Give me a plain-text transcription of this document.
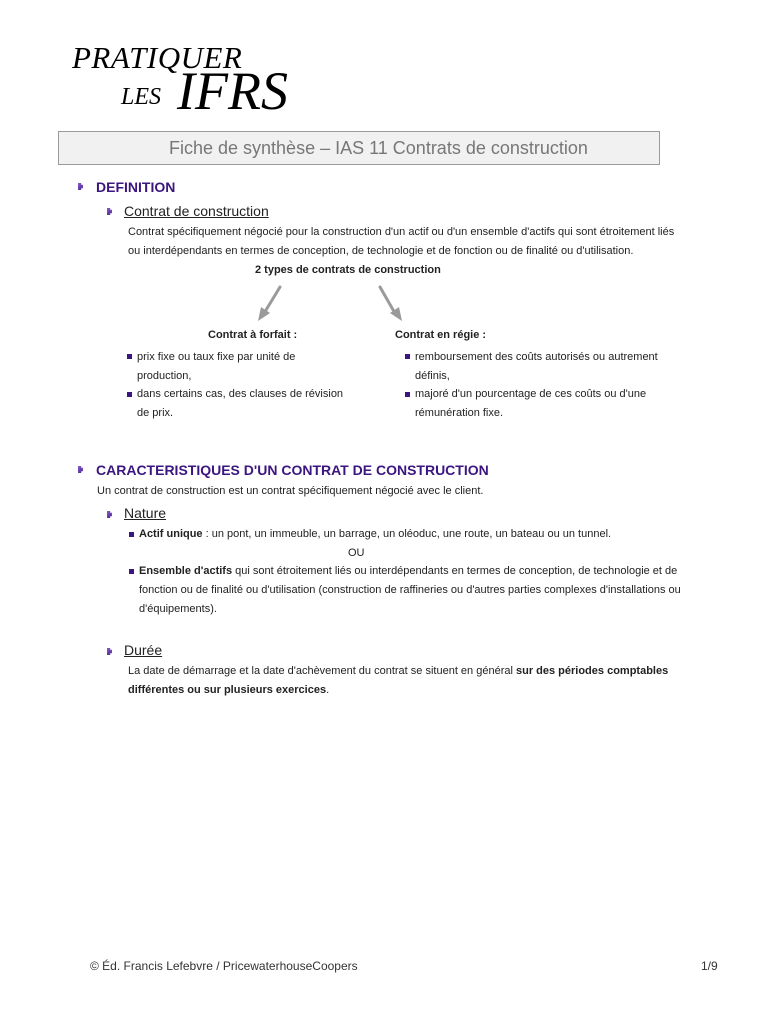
PRATIQUER
LES IFRS
Fiche de synthèse – IAS 11 Contrats de construction
DEFINITION
Contrat de construction
Contrat spécifiquement négocié pour la construction d'un actif ou d'un ensemble d'actifs qui sont étroitement liés
ou interdépendants en termes de conception, de technologie et de fonction ou de finalité ou d'utilisation.
2 types de contrats de construction
Contrat à forfait :
prix fixe ou taux fixe par unité de
production,
dans certains cas, des clauses de révision
de prix.
Contrat en régie :
remboursement des coûts autorisés ou autrement
définis,
majoré d'un pourcentage de ces coûts ou d'une
rémunération fixe.
CARACTERISTIQUES D'UN CONTRAT DE CONSTRUCTION
Un contrat de construction est un contrat spécifiquement négocié avec le client.
Nature
Actif unique : un pont, un immeuble, un barrage, un oléoduc, une route, un bateau ou un tunnel.
OU
Ensemble d'actifs qui sont étroitement liés ou interdépendants en termes de conception, de technologie et de
fonction ou de finalité ou d'utilisation (construction de raffineries ou d'autres parties complexes d'installations ou
d'équipements).
Durée
La date de démarrage et la date d'achèvement du contrat se situent en général sur des périodes comptables
différentes ou sur plusieurs exercices.
© Éd. Francis Lefebvre / PricewaterhouseCoopers	1/9
